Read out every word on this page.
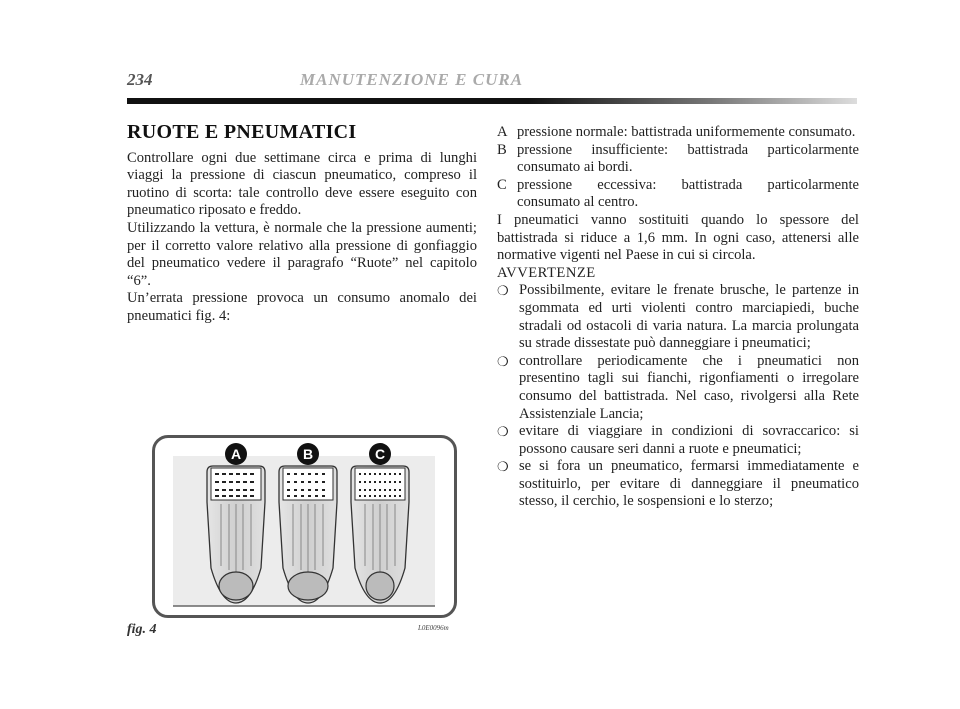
234	MANUTENZIONE E CURA
RUOTE E PNEUMATICI

Controllare ogni due settimane circa e prima di lunghi viaggi la pressione di ciascun pneumatico, compreso il ruotino di scorta: tale controllo deve essere eseguito con pneumatico riposato e freddo.

Utilizzando la vettura, è normale che la pressione aumenti; per il corretto valore relativo alla pressione di gonfiaggio del pneumatico vedere il paragrafo “Ruote” nel capitolo “6”.

Un’errata pressione provoca un consumo anomalo dei pneumatici fig. 4:

A pressione normale: battistrada uniformemente consumato.
B pressione insufficiente: battistrada particolarmente consumato ai bordi.
C pressione eccessiva: battistrada particolarmente consumato al centro.

I pneumatici vanno sostituiti quando lo spessore del battistrada si riduce a 1,6 mm. In ogni caso, attenersi alle normative vigenti nel Paese in cui si circola.

AVVERTENZE

❍ Possibilmente, evitare le frenate brusche, le partenze in sgommata ed urti violenti contro marciapiedi, buche stradali od ostacoli di varia natura. La marcia prolungata su strade dissestate può danneggiare i pneumatici;
❍ controllare periodicamente che i pneumatici non presentino tagli sui fianchi, rigonfiamenti o irregolare consumo del battistrada. Nel caso, rivolgersi alla Rete Assistenziale Lancia;
❍ evitare di viaggiare in condizioni di sovraccarico: si possono causare seri danni a ruote e pneumatici;
❍ se si fora un pneumatico, fermarsi immediatamente e sostituirlo, per evitare di danneggiare il pneumatico stesso, il cerchio, le sospensioni e lo sterzo;
A	B	C
fig. 4	L0E0096m
